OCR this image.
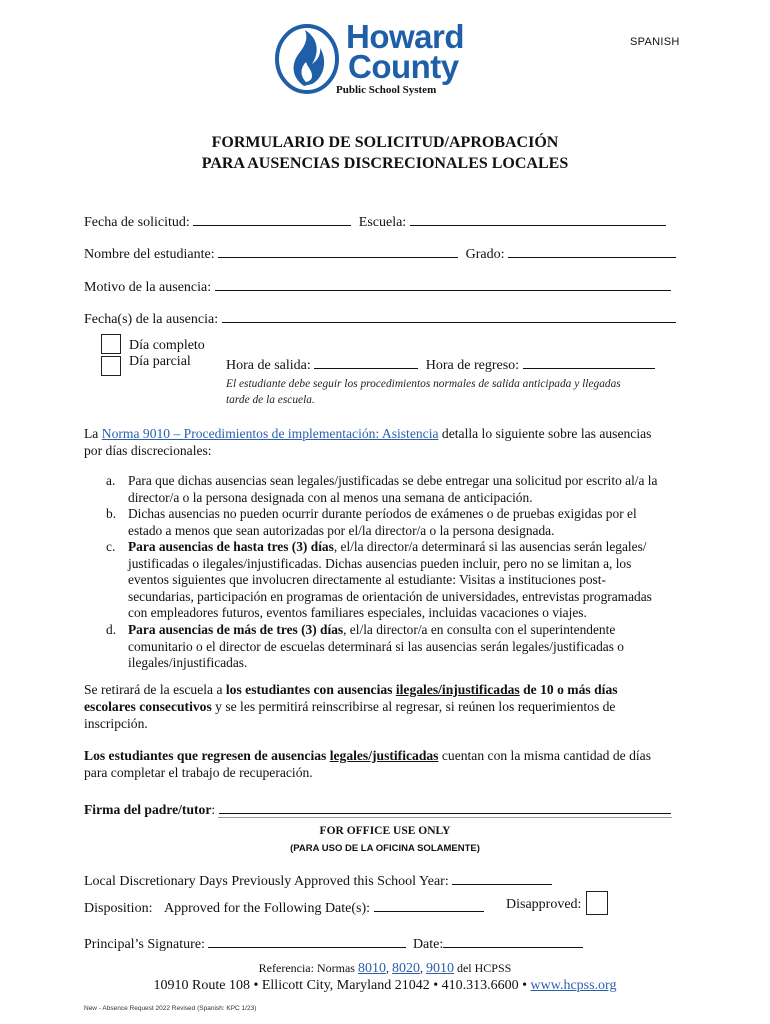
SPANISH
Howard
County
Public School System
FORMULARIO DE SOLICITUD/APROBACIÓN
PARA AUSENCIAS DISCRECIONALES LOCALES
Fecha de solicitud:	Escuela:
Nombre del estudiante:	Grado:
Motivo de la ausencia:
Fecha(s) de la ausencia:
Día completo
Día parcial	Hora de salida:	Hora de regreso:
El estudiante debe seguir los procedimientos normales de salida anticipada y llegadas
tarde de la escuela.
La Norma 9010 – Procedimientos de implementación: Asistencia detalla lo siguiente sobre las ausencias
por días discrecionales:
a. Para que dichas ausencias sean legales/justificadas se debe entregar una solicitud por escrito al/a la
director/a o la persona designada con al menos una semana de anticipación.
b. Dichas ausencias no pueden ocurrir durante períodos de exámenes o de pruebas exigidas por el
estado a menos que sean autorizadas por el/la director/a o la persona designada.
c. Para ausencias de hasta tres (3) días, el/la director/a determinará si las ausencias serán legales/
justificadas o ilegales/injustificadas. Dichas ausencias pueden incluir, pero no se limitan a, los
eventos siguientes que involucren directamente al estudiante: Visitas a instituciones post-
secundarias, participación en programas de orientación de universidades, entrevistas programadas
con empleadores futuros, eventos familiares especiales, incluidas vacaciones o viajes.
d. Para ausencias de más de tres (3) días, el/la director/a en consulta con el superintendente
comunitario o el director de escuelas determinará si las ausencias serán legales/justificadas o
ilegales/injustificadas.
Se retirará de la escuela a los estudiantes con ausencias ilegales/injustificadas de 10 o más días
escolares consecutivos y se les permitirá reinscribirse al regresar, si reúnen los requerimientos de
inscripción.
Los estudiantes que regresen de ausencias legales/justificadas cuentan con la misma cantidad de días
para completar el trabajo de recuperación.
Firma del padre/tutor:
FOR OFFICE USE ONLY
(PARA USO DE LA OFICINA SOLAMENTE)
Local Discretionary Days Previously Approved this School Year:
Disposition: Approved for the Following Date(s):	Disapproved:
Principal’s Signature:	Date:
Referencia: Normas 8010, 8020, 9010 del HCPSS
10910 Route 108 • Ellicott City, Maryland 21042 • 410.313.6600 • www.hcpss.org
New - Absence Request 2022 Revised (Spanish: KPC 1/23)
